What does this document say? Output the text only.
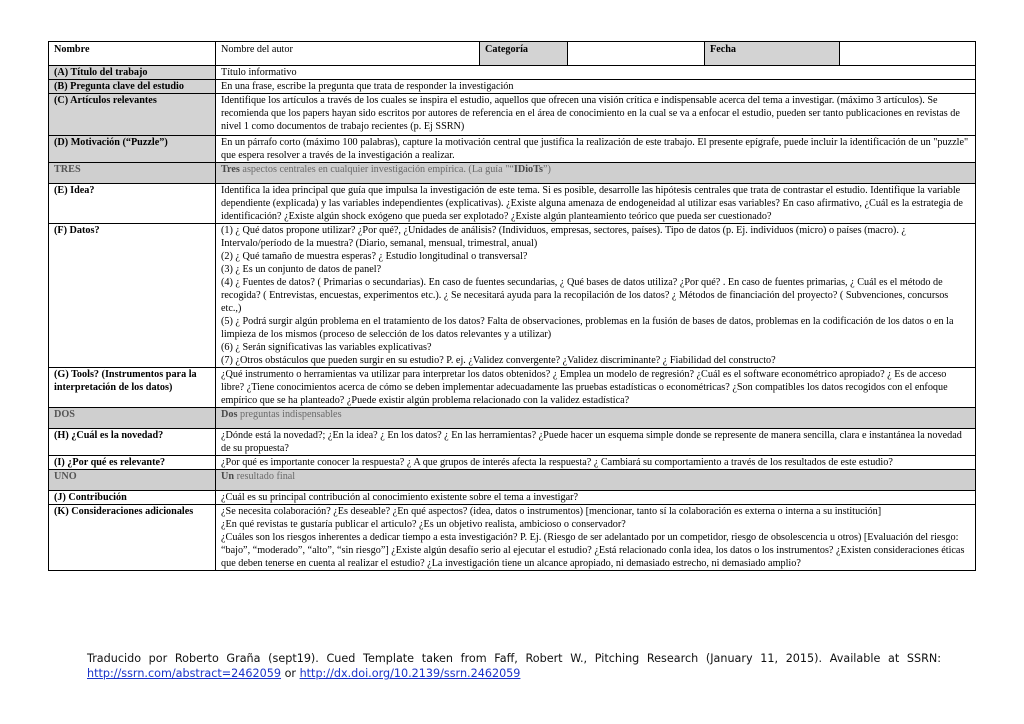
Nombre	Nombre del autor	Categoría		Fecha	
(A) Título del trabajo	Título informativo				
(B) Pregunta clave del estudio	En una frase, escribe la pregunta que trata de responder la investigación				
(C) Artículos relevantes	Identifique los artículos a través de los cuales se inspira el estudio, aquellos que ofrecen una visión crítica e indispensable acerca del tema a investigar. (máximo 3 artículos). Se recomienda que los papers hayan sido escritos por autores de referencia en el área de conocimiento en la cual se va a enfocar el estudio, pueden ser tanto publicaciones en revistas de nivel 1 como documentos de trabajo recientes (p. Ej SSRN)				
(D) Motivación (“Puzzle”)	En un párrafo corto (máximo 100 palabras), capture la motivación central que justifica la realización de este trabajo. El presente epígrafe, puede incluir la identificación de un "puzzle" que espera resolver a través de la investigación a realizar.				
TRES	Tres aspectos centrales en cualquier investigación empírica. (La guía "“IDioTs”)				
(E) Idea?	Identifica la idea principal que guía que impulsa la investigación de este tema. Si es posible, desarrolle las hipótesis centrales que trata de contrastar el estudio. Identifique la variable dependiente (explicada) y las variables independientes (explicativas). ¿Existe alguna amenaza de endogeneidad al utilizar esas variables? En caso afirmativo, ¿Cuál es la estrategia de identificación? ¿Existe algún shock exógeno que pueda ser explotado? ¿Existe algún planteamiento teórico que pueda ser cuestionado?				
(F) Datos?	(1) ¿ Qué datos propone utilizar? ¿Por qué?, ¿Unidades de análisis? (Individuos, empresas, sectores, países). Tipo de datos (p. Ej. individuos (micro) o países (macro). ¿ Intervalo/período de la muestra? (Diario, semanal, mensual, trimestral, anual)
(2) ¿ Qué tamaño de muestra esperas? ¿ Estudio longitudinal o transversal?
(3) ¿ Es un conjunto de datos de panel?
(4) ¿ Fuentes de datos? ( Primarias o secundarias). En caso de fuentes secundarias, ¿ Qué bases de datos utiliza? ¿Por qué? . En caso de fuentes primarias, ¿ Cuál es el método de recogida? ( Entrevistas, encuestas, experimentos etc.). ¿ Se necesitará ayuda para la recopilación de los datos? ¿ Métodos de financiación del proyecto? ( Subvenciones, concursos etc.,)
(5) ¿ Podrá surgir algún problema en el tratamiento de los datos? Falta de observaciones, problemas en la fusión de bases de datos, problemas en la codificación de los datos o en la limpieza de los mismos (proceso de selección de los datos relevantes y a utilizar)
(6) ¿ Serán significativas las variables explicativas?
(7) ¿Otros obstáculos que pueden surgir en su estudio? P. ej. ¿Validez convergente? ¿Validez discriminante? ¿ Fiabilidad del constructo?

(G) Tools? (Instrumentos para la interpretación de los datos)	¿Qué instrumento o herramientas va utilizar para interpretar los datos obtenidos? ¿ Emplea un modelo de regresión? ¿Cuál es el software econométrico apropiado? ¿ Es de acceso libre? ¿Tiene conocimientos acerca de cómo se deben implementar adecuadamente las pruebas estadísticas o econométricas? ¿Son compatibles los datos recogidos con el enfoque empírico que se ha planteado? ¿Puede existir algún problema relacionado con la validez estadística?				
DOS	Dos preguntas indispensables				
(H) ¿Cuál es la novedad?	¿Dónde está la novedad?; ¿En la idea? ¿ En los datos? ¿ En las herramientas? ¿Puede hacer un esquema simple donde se represente de manera sencilla, clara e instantánea la novedad de su propuesta?				
(I) ¿Por qué es relevante?	¿Por qué es importante conocer la respuesta? ¿ A que grupos de interés afecta la respuesta? ¿ Cambiará su comportamiento a través de los resultados de este estudio?				
UNO	Un resultado final				
(J) Contribución	¿Cuál es su principal contribución al conocimiento existente sobre el tema a investigar?				
(K) Consideraciones adicionales	¿Se necesita colaboración? ¿Es deseable? ¿En qué aspectos? (idea, datos o instrumentos) [mencionar, tanto sí la colaboración es externa o interna a su institución]
¿En qué revistas te gustaría publicar el articulo? ¿Es un objetivo realista, ambicioso o conservador?
¿Cuáles son los riesgos inherentes a dedicar tiempo a esta investigación? P. Ej. (Riesgo de ser adelantado por un competidor, riesgo de obsolescencia u otros) [Evaluación del riesgo: “bajo”, “moderado”, “alto”, “sin riesgo”] ¿Existe algún desafío serio al ejecutar el estudio? ¿Está relacionado conla idea, los datos o los instrumentos? ¿Existen consideraciones éticas que deben tenerse en cuenta al realizar el estudio? ¿La investigación tiene un alcance apropiado, ni demasiado estrecho, ni demasiado amplio?				
Traducido por Roberto Graña (sept19). Cued Template taken from Faff, Robert W., Pitching Research (January 11, 2015). Available at SSRN:
http://ssrn.com/abstract=2462059 or http://dx.doi.org/10.2139/ssrn.2462059
